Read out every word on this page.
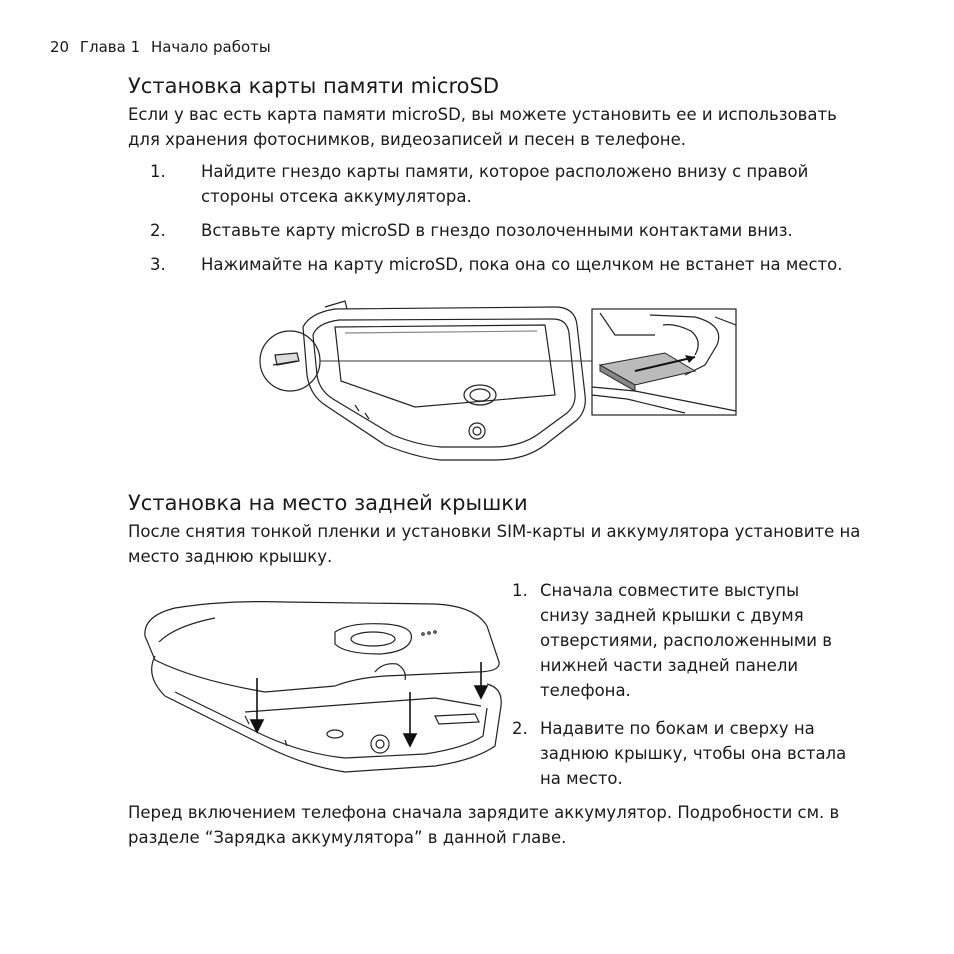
20 Глава 1 Начало работы
Установка карты памяти microSD

Если у вас есть карта памяти microSD, вы можете установить ее и использовать для хранения фотоснимков, видеозаписей и песен в телефоне.

1. Найдите гнездо карты памяти, которое расположено внизу с правой стороны отсека аккумулятора.
2. Вставьте карту microSD в гнездо позолоченными контактами вниз.
3. Нажимайте на карту microSD, пока она со щелчком не встанет на место.
Установка на место задней крышки

После снятия тонкой пленки и установки SIM-карты и аккумулятора установите на место заднюю крышку.

1. Сначала совместите выступы снизу задней крышки с двумя отверстиями, расположенными в нижней части задней панели телефона.
2. Надавите по бокам и сверху на заднюю крышку, чтобы она встала на место.

Перед включением телефона сначала зарядите аккумулятор. Подробности см. в разделе “Зарядка аккумулятора” в данной главе.
